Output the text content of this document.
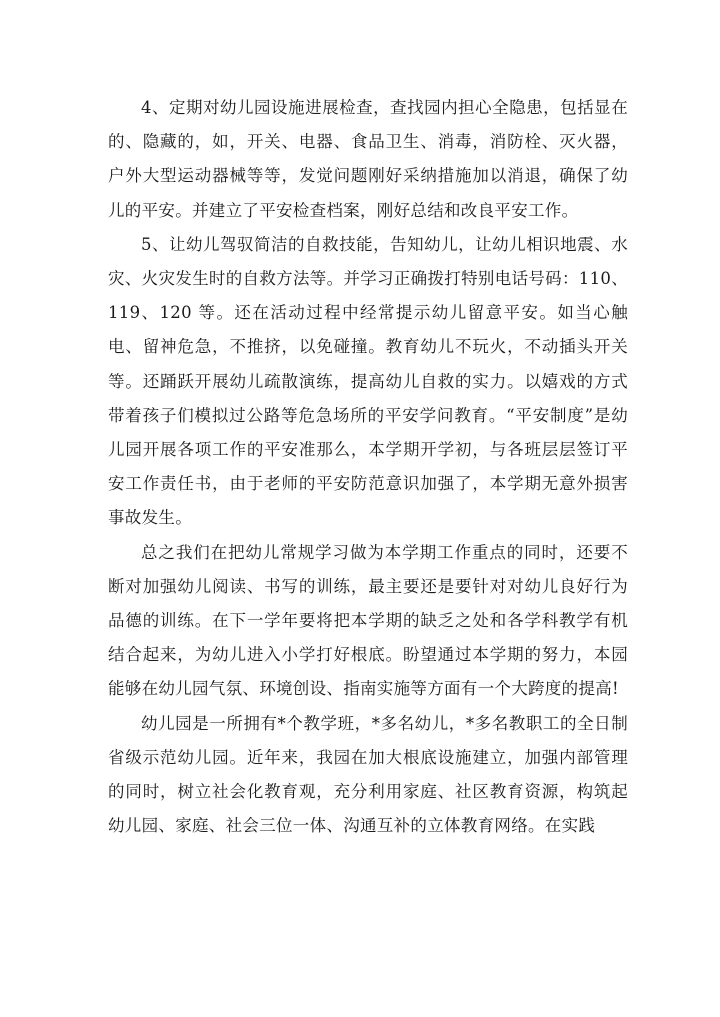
4、定期对幼儿园设施进展检查，查找园内担心全隐患，包括显在的、隐藏的，如，开关、电器、食品卫生、消毒，消防栓、灭火器，户外大型运动器械等等，发觉问题刚好采纳措施加以消退，确保了幼儿的平安。并建立了平安检查档案，刚好总结和改良平安工作。

5、让幼儿驾驭简洁的自救技能，告知幼儿，让幼儿相识地震、水灾、火灾发生时的自救方法等。并学习正确拨打特别电话号码：110、119、120 等。还在活动过程中经常提示幼儿留意平安。如当心触电、留神危急，不推挤，以免碰撞。教育幼儿不玩火，不动插头开关等。还踊跃开展幼儿疏散演练，提高幼儿自救的实力。以嬉戏的方式带着孩子们模拟过公路等危急场所的平安学问教育。“平安制度”是幼儿园开展各项工作的平安准那么，本学期开学初，与各班层层签订平安工作责任书，由于老师的平安防范意识加强了，本学期无意外损害事故发生。

总之我们在把幼儿常规学习做为本学期工作重点的同时，还要不断对加强幼儿阅读、书写的训练，最主要还是要针对对幼儿良好行为品德的训练。在下一学年要将把本学期的缺乏之处和各学科教学有机结合起来，为幼儿进入小学打好根底。盼望通过本学期的努力，本园能够在幼儿园气氛、环境创设、指南实施等方面有一个大跨度的提高!

幼儿园是一所拥有*个教学班，*多名幼儿，*多名教职工的全日制省级示范幼儿园。近年来，我园在加大根底设施建立，加强内部管理的同时，树立社会化教育观，充分利用家庭、社区教育资源，构筑起幼儿园、家庭、社会三位一体、沟通互补的立体教育网络。在实践
